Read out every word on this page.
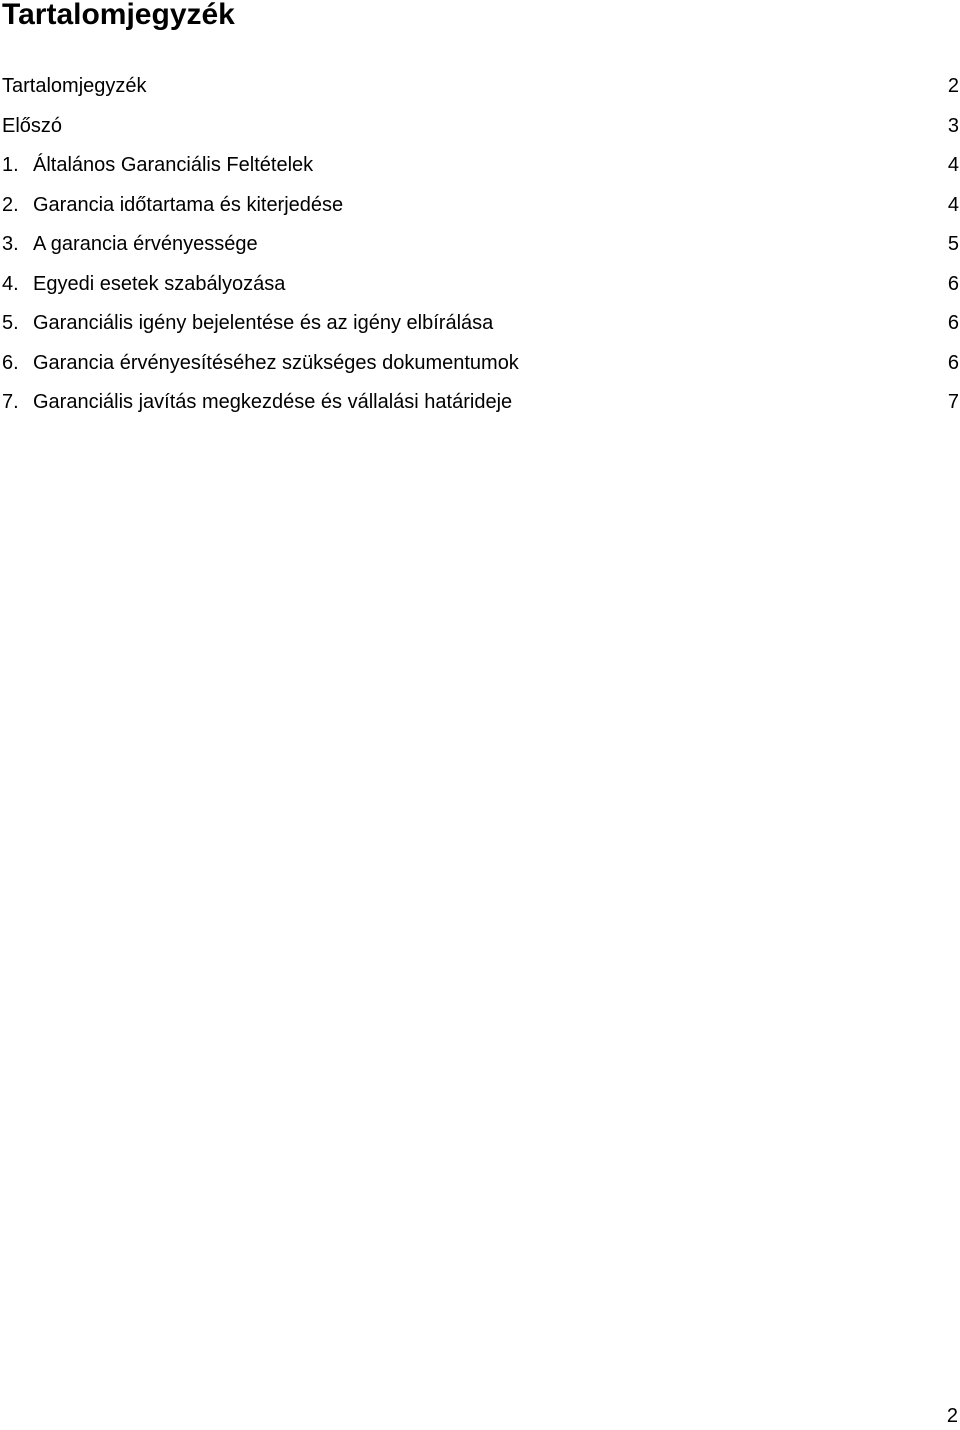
Tartalomjegyzék
Tartalomjegyzék	2
Előszó	3
1. Általános Garanciális Feltételek	4
2. Garancia időtartama és kiterjedése	4
3. A garancia érvényessége	5
4. Egyedi esetek szabályozása	6
5. Garanciális igény bejelentése és az igény elbírálása	6
6. Garancia érvényesítéséhez szükséges dokumentumok	6
7. Garanciális javítás megkezdése és vállalási határideje	7
2
